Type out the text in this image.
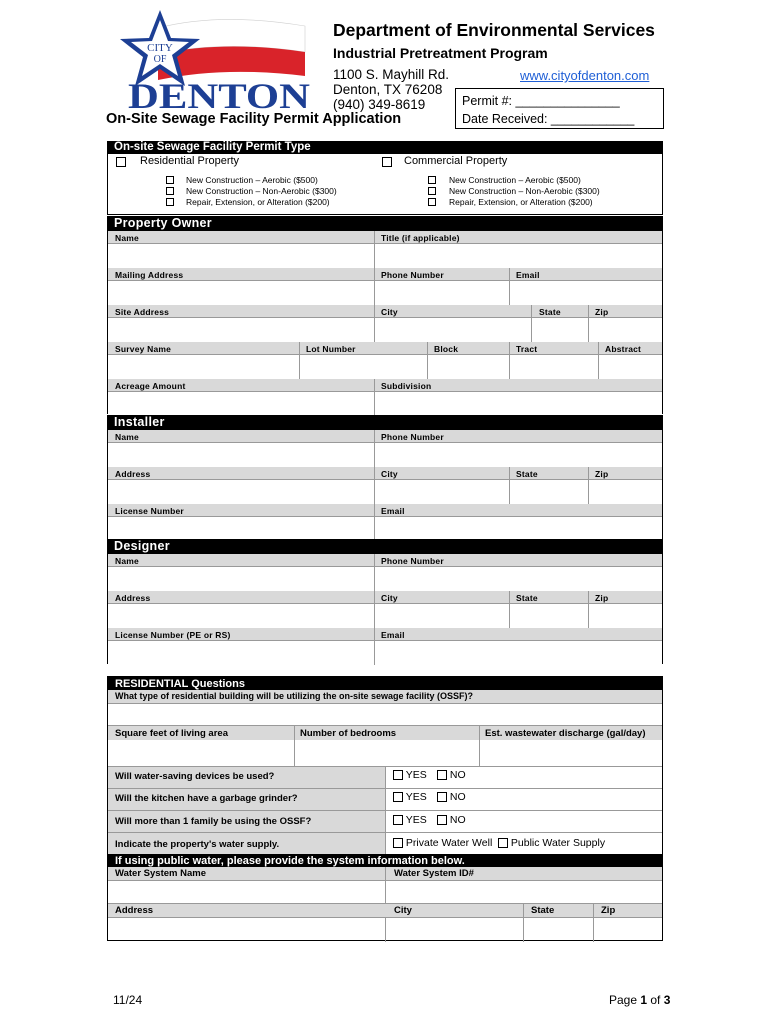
CITY
OF
DENTON
Department of Environmental Services
Industrial Pretreatment Program
1100 S. Mayhill Rd.
Denton, TX 76208
(940) 349-8619
www.cityofdenton.com
Permit #: _______________
Date Received: ____________
On-Site Sewage Facility Permit Application
On-site Sewage Facility Permit Type
Residential Property	Commercial Property
New Construction – Aerobic ($500)
New Construction – Non-Aerobic ($300)
Repair, Extension, or Alteration ($200)
New Construction – Aerobic ($500)
New Construction – Non-Aerobic ($300)
Repair, Extension, or Alteration ($200)
Property Owner
Name	Title (if applicable)
Mailing Address	Phone Number	Email
Site Address	City	State	Zip
Survey Name	Lot Number	Block	Tract	Abstract
Acreage Amount	Subdivision
Installer
Name	Phone Number
Address	City	State	Zip
License Number	Email
Designer
Name	Phone Number
Address	City	State	Zip
License Number (PE or RS)	Email
RESIDENTIAL Questions
What type of residential building will be utilizing the on-site sewage facility (OSSF)?
Square feet of living area	Number of bedrooms	Est. wastewater discharge (gal/day)
Will water-saving devices be used?	YES	NO
Will the kitchen have a garbage grinder?	YES	NO
Will more than 1 family be using the OSSF?	YES	NO
Indicate the property's water supply.	Private Water Well	Public Water Supply
If using public water, please provide the system information below.
Water System Name	Water System ID#
Address	City	State	Zip
11/24	Page 1 of 3
